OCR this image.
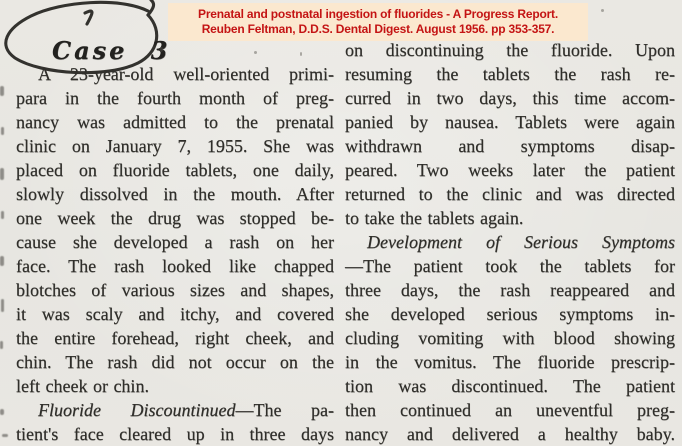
Prenatal and postnatal ingestion of fluorides - A Progress Report.
Reuben Feltman, D.D.S. Dental Digest. August 1956. pp 353-357.
Case 3
A 23-year-old well-oriented primi-
para in the fourth month of preg-
nancy was admitted to the prenatal
clinic on January 7, 1955. She was
placed on fluoride tablets, one daily,
slowly dissolved in the mouth. After
one week the drug was stopped be-
cause she developed a rash on her
face. The rash looked like chapped
blotches of various sizes and shapes,
it was scaly and itchy, and covered
the entire forehead, right cheek, and
chin. The rash did not occur on the
left cheek or chin.
Fluoride Discountinued—The pa-
tient's face cleared up in three days
on discontinuing the fluoride. Upon
resuming the tablets the rash re-
curred in two days, this time accom-
panied by nausea. Tablets were again
withdrawn and symptoms disap-
peared. Two weeks later the patient
returned to the clinic and was directed
to take the tablets again.
Development of Serious Symptoms
—The patient took the tablets for
three days, the rash reappeared and
she developed serious symptoms in-
cluding vomiting with blood showing
in the vomitus. The fluoride prescrip-
tion was discontinued. The patient
then continued an uneventful preg-
nancy and delivered a healthy baby.
